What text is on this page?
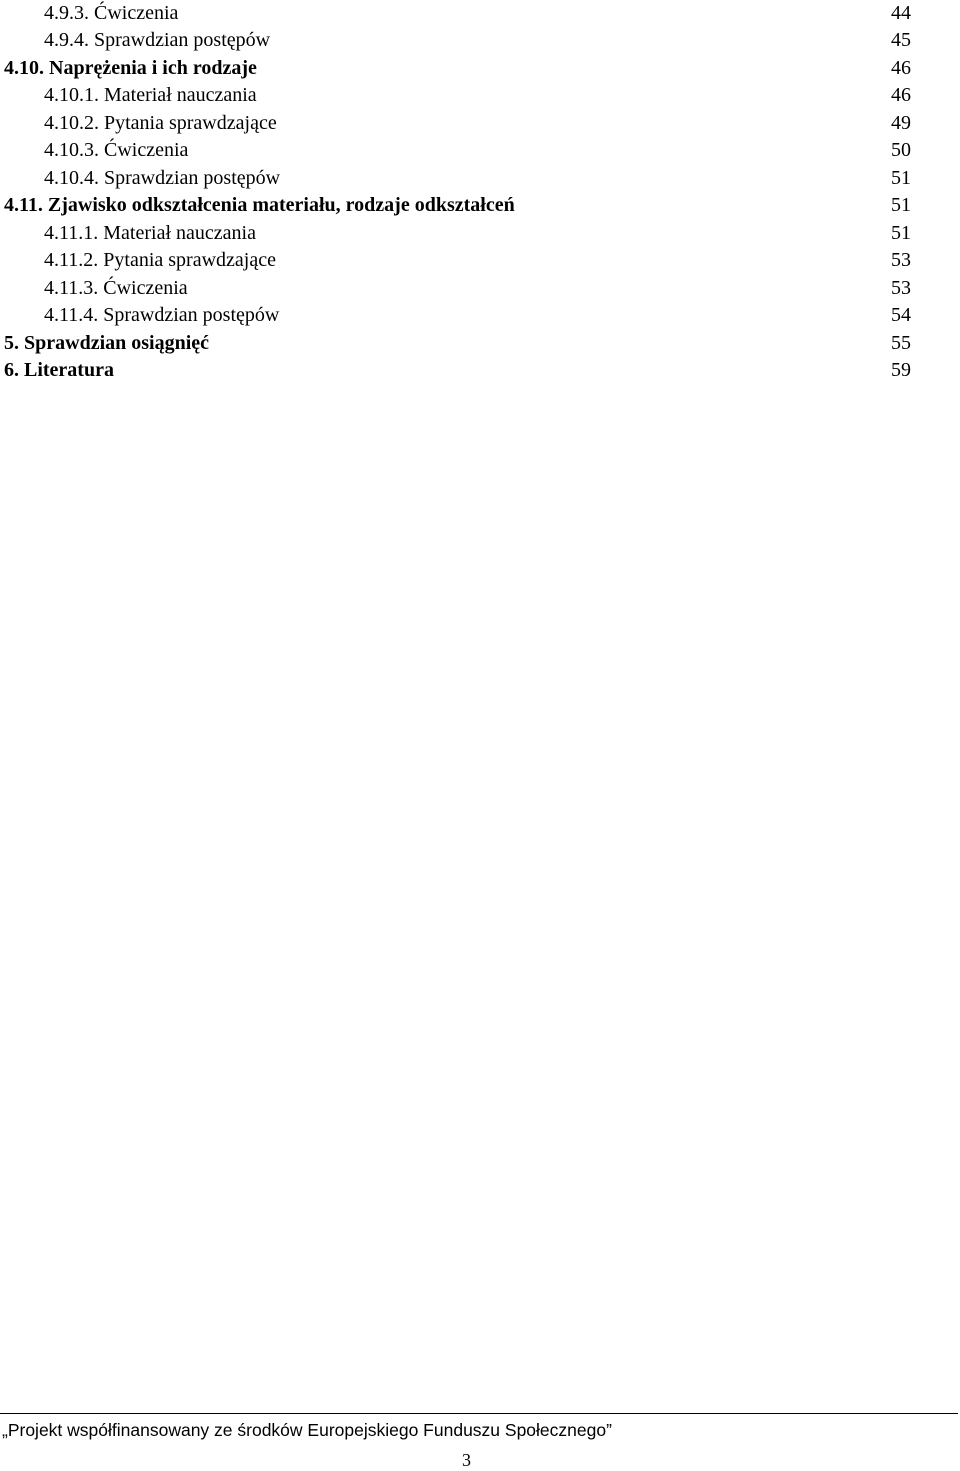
4.9.3. Ćwiczenia	44
4.9.4. Sprawdzian postępów	45
4.10. Naprężenia i ich rodzaje	46
4.10.1. Materiał nauczania	46
4.10.2. Pytania sprawdzające	49
4.10.3. Ćwiczenia	50
4.10.4. Sprawdzian postępów	51
4.11. Zjawisko odkształcenia materiału, rodzaje odkształceń	51
4.11.1. Materiał nauczania	51
4.11.2. Pytania sprawdzające	53
4.11.3. Ćwiczenia	53
4.11.4. Sprawdzian postępów	54
5. Sprawdzian osiągnięć	55
6. Literatura	59
„Projekt współfinansowany ze środków Europejskiego Funduszu Społecznego”
3
